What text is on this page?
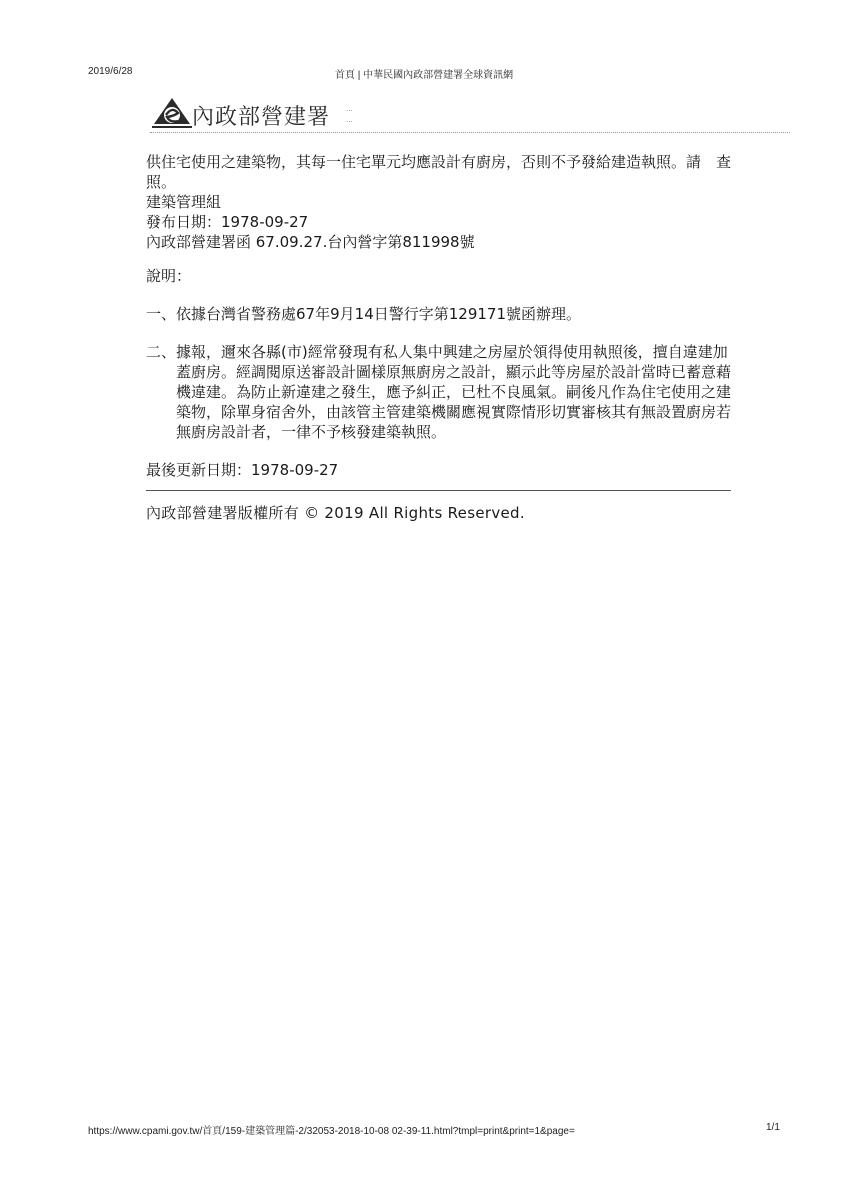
2019/6/28	首頁 | 中華民國內政部營建署全球資訊網
內政部營建署 ...
...

供住宅使用之建築物，其每一住宅單元均應設計有廚房，否則不予發給建造執照。請　查照。

建築管理組

發布日期：1978-09-27

內政部營建署函 67.09.27.台內營字第811998號

說明：

一、 依據台灣省警務處67年9月14日警行字第129171號函辦理。
二、 據報，邇來各縣(市)經常發現有私人集中興建之房屋於領得使用執照後，擅自違建加蓋廚房。經調閱原送審設計圖樣原無廚房之設計，顯示此等房屋於設計當時已蓄意藉機違建。為防止新違建之發生，應予糾正，已杜不良風氣。嗣後凡作為住宅使用之建築物，除單身宿舍外，由該管主管建築機關應視實際情形切實審核其有無設置廚房若無廚房設計者，一律不予核發建築執照。

最後更新日期：1978-09-27

內政部營建署版權所有 © 2019 All Rights Reserved.

https://www.cpami.gov.tw/首頁/159-建築管理篇-2/32053-2018-10-08 02-39-11.html?tmpl=print&print=1&page=	1/1
